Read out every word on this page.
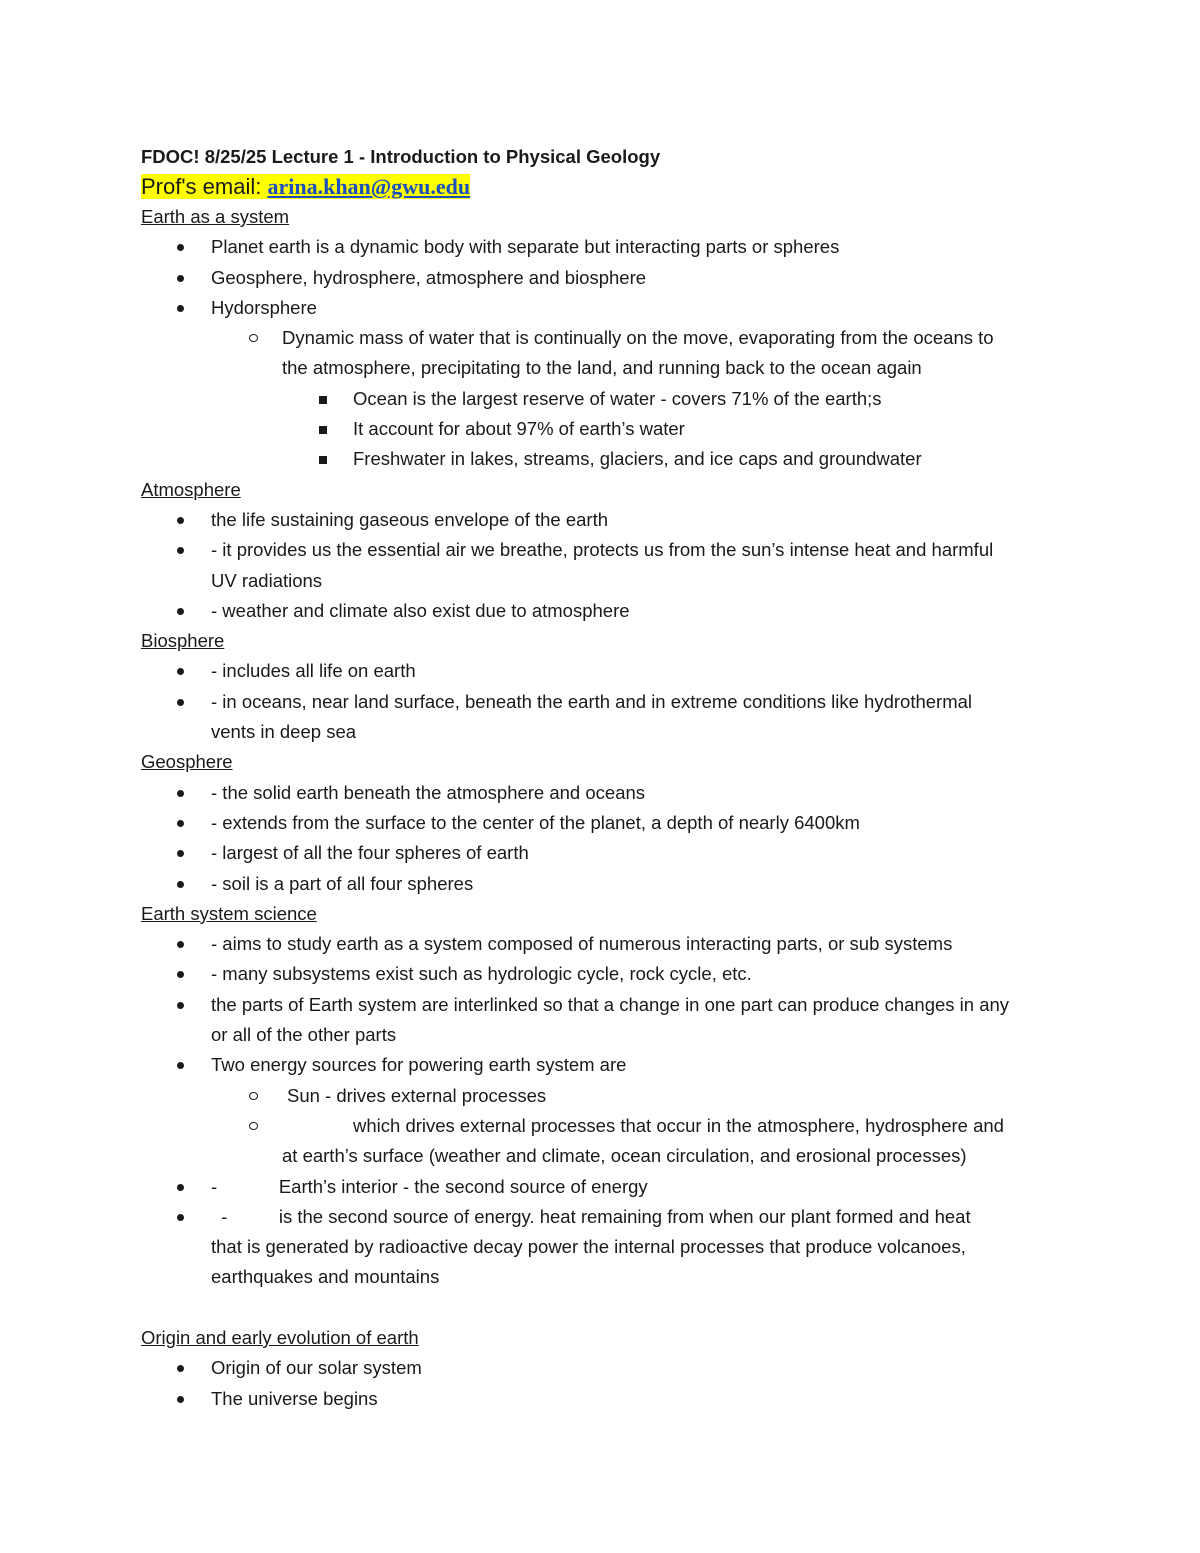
FDOC! 8/25/25 Lecture 1 - Introduction to Physical Geology
Prof's email: arina.khan@gwu.edu
Earth as a system
Planet earth is a dynamic body with separate but interacting parts or spheres
Geosphere, hydrosphere, atmosphere and biosphere
Hydorsphere
Dynamic mass of water that is continually on the move, evaporating from the oceans to
the atmosphere, precipitating to the land, and running back to the ocean again
Ocean is the largest reserve of water - covers 71% of the earth;s
It account for about 97% of earth’s water
Freshwater in lakes, streams, glaciers, and ice caps and groundwater
Atmosphere
the life sustaining gaseous envelope of the earth
- it provides us the essential air we breathe, protects us from the sun’s intense heat and harmful
UV radiations
- weather and climate also exist due to atmosphere
Biosphere
- includes all life on earth
- in oceans, near land surface, beneath the earth and in extreme conditions like hydrothermal
vents in deep sea
Geosphere
- the solid earth beneath the atmosphere and oceans
- extends from the surface to the center of the planet, a depth of nearly 6400km
- largest of all the four spheres of earth
- soil is a part of all four spheres
Earth system science
- aims to study earth as a system composed of numerous interacting parts, or sub systems
- many subsystems exist such as hydrologic cycle, rock cycle, etc.
the parts of Earth system are interlinked so that a change in one part can produce changes in any
or all of the other parts
Two energy sources for powering earth system are
Sun - drives external processes
which drives external processes that occur in the atmosphere, hydrosphere and
at earth’s surface (weather and climate, ocean circulation, and erosional processes)
-            Earth’s interior - the second source of energy
-          is the second source of energy. heat remaining from when our plant formed and heat
that is generated by radioactive decay power the internal processes that produce volcanoes,
earthquakes and mountains
Origin and early evolution of earth
Origin of our solar system
The universe begins
